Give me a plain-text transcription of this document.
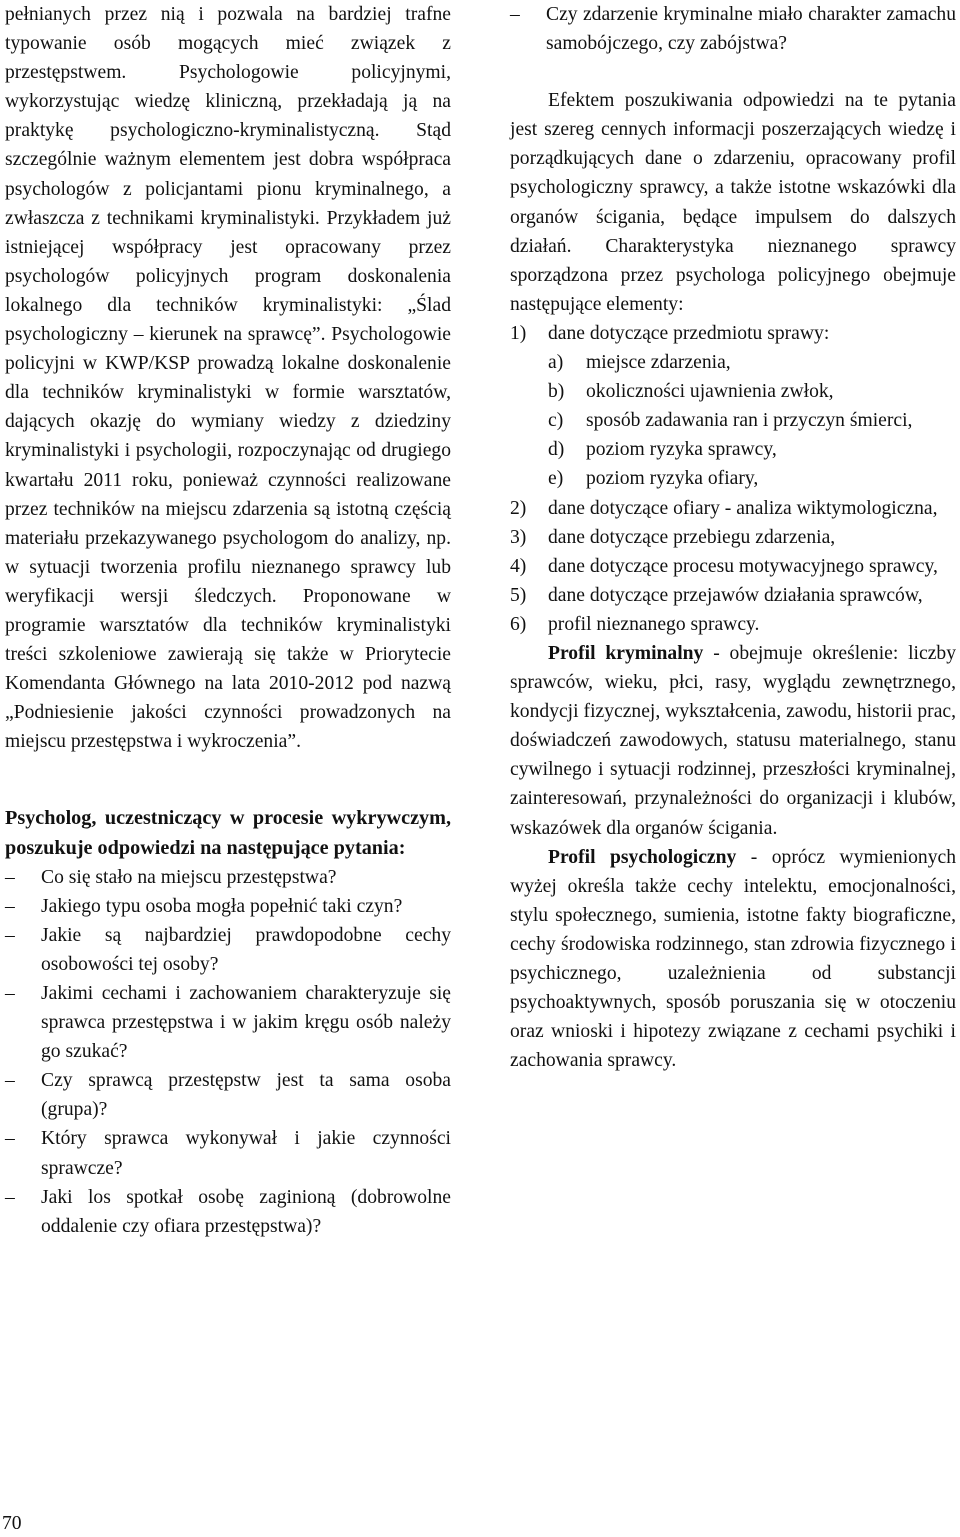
pełnianych przez nią i pozwala na bardziej trafne typowanie osób mogących mieć związek z przestępstwem. Psychologowie policyjnymi, wykorzystując wiedzę kliniczną, przekładają ją na praktykę psychologiczno-kryminalistyczną. Stąd szczególnie ważnym elementem jest dobra współpraca psychologów z policjantami pionu kryminalnego, a zwłaszcza z technikami kryminalistyki. Przykładem już istniejącej współpracy jest opracowany przez psychologów policyjnych program doskonalenia lokalnego dla techników kryminalistyki: „Ślad psychologiczny – kierunek na sprawcę”. Psychologowie policyjni w KWP/KSP prowadzą lokalne doskonalenie dla techników kryminalistyki w formie warsztatów, dających okazję do wymiany wiedzy z dziedziny kryminalistyki i psychologii, rozpoczynając od drugiego kwartału 2011 roku, ponieważ czynności realizowane przez techników na miejscu zdarzenia są istotną częścią materiału przekazywanego psychologom do analizy, np. w sytuacji tworzenia profilu nieznanego sprawcy lub weryfikacji wersji śledczych. Proponowane w programie warsztatów dla techników kryminalistyki treści szkoleniowe zawierają się także w Priorytecie Komendanta Głównego na lata 2010-2012 pod nazwą „Podniesienie jakości czynności prowadzonych na miejscu przestępstwa i wykroczenia”.

Psycholog, uczestniczący w procesie wykrywczym, poszukuje odpowiedzi na następujące pytania:

–	Co się stało na miejscu przestępstwa?
–	Jakiego typu osoba mogła popełnić taki czyn?
–	Jakie są najbardziej prawdopodobne cechy osobowości tej osoby?
–	Jakimi cechami i zachowaniem charakteryzuje się sprawca przestępstwa i w jakim kręgu osób należy go szukać?
–	Czy sprawcą przestępstw jest ta sama osoba (grupa)?
–	Który sprawca wykonywał i jakie czynności sprawcze?
–	Jaki los spotkał osobę zaginioną (dobrowolne oddalenie czy ofiara przestępstwa)?
–	Czy zdarzenie kryminalne miało charakter zamachu samobójczego, czy zabójstwa?

Efektem poszukiwania odpowiedzi na te pytania jest szereg cennych informacji poszerzających wiedzę i porządkujących dane o zdarzeniu, opracowany profil psychologiczny sprawcy, a także istotne wskazówki dla organów ścigania, będące impulsem do dalszych działań. Charakterystyka nieznanego sprawcy sporządzona przez psychologa policyjnego obejmuje następujące elementy:

1) dane dotyczące przedmiotu sprawy:
a) miejsce zdarzenia,
b) okoliczności ujawnienia zwłok,
c) sposób zadawania ran i przyczyn śmierci,
d) poziom ryzyka sprawcy,
e) poziom ryzyka ofiary,
2) dane dotyczące ofiary - analiza wiktymologiczna,
3) dane dotyczące przebiegu zdarzenia,
4) dane dotyczące procesu motywacyjnego sprawcy,
5) dane dotyczące przejawów działania sprawców,
6) profil nieznanego sprawcy.

Profil kryminalny - obejmuje określenie: liczby sprawców, wieku, płci, rasy, wyglądu zewnętrznego, kondycji fizycznej, wykształcenia, zawodu, historii prac, doświadczeń zawodowych, statusu materialnego, stanu cywilnego i sytuacji rodzinnej, przeszłości kryminalnej, zainteresowań, przynależności do organizacji i klubów, wskazówek dla organów ścigania.

Profil psychologiczny - oprócz wymienionych wyżej określa także cechy intelektu, emocjonalności, stylu społecznego, sumienia, istotne fakty biograficzne, cechy środowiska rodzinnego, stan zdrowia fizycznego i psychicznego, uzależnienia od substancji psychoaktywnych, sposób poruszania się w otoczeniu oraz wnioski i hipotezy związane z cechami psychiki i zachowania sprawcy.

70
